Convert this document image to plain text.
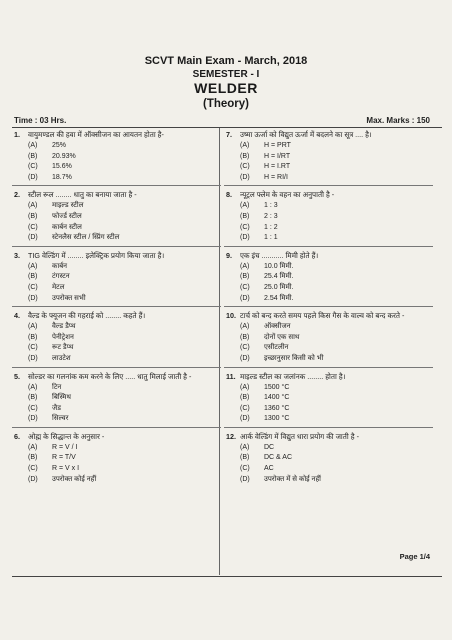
SCVT Main Exam - March, 2018
SEMESTER - I
WELDER
(Theory)
Time : 03 Hrs.	Max. Marks : 150
1.	वायुमण्डल की हवा में ऑक्सीजन का आयतन होता है-
(A)	25%
(B)	20.93%
(C)	15.6%
(D)	18.7%
2.	स्टील रूल ........ धातु का बनाया जाता है -
(A)	माइल्ड स्टील
(B)	फोर्ज्ड स्टील
(C)	कार्बन स्टील
(D)	स्टेनलैस स्टील / स्प्रिंग स्टील
3.	TIG वेल्डिंग में ........ इलेक्ट्रिक प्रयोग किया जाता है।
(A)	कार्बन
(B)	टंगस्टन
(C)	मेटल
(D)	उपरोक्त सभी
4.	वैल्ड के फ्यूजन की गहराई को ........ कहते हैं।
(A)	वैल्ड डैप्थ
(B)	पेनीट्रेशन
(C)	रूट डैप्थ
(D)	लाउटेश
5.	सोल्डर का गलनांक कम करने के लिए ..... धातु मिलाई जाती है -
(A)	टिन
(B)	बिस्मिथ
(C)	जैड
(D)	सिल्वर
6.	ओह्म के सिद्धान्त के अनुसार -
(A)	R = V / I
(B)	R = T/V
(C)	R = V x I
(D)	उपरोक्त कोई नहीं
7.	उष्मा ऊर्जा को विद्युत ऊर्जा में बदलने का सूत्र .... है।
(A)	H = PRT
(B)	H = I/RT
(C)	H = I.RT
(D)	H = RI/I
8.	न्यूट्रल फ्लेम के वहन का अनुपाती है -
(A)	1 : 3
(B)	2 : 3
(C)	1 : 2
(D)	1 : 1
9.	एक इंच ........... मिमी होते हैं।
(A)	10.0 मिमी.
(B)	25.4 मिमी.
(C)	25.0 मिमी.
(D)	2.54 मिमी.
10. टार्च को बन्द करते समय पहले किस गैस के वाल्व को बन्द करते -
(A)	ऑक्सीजन
(B)	दोनों एक साथ
(C)	एसीटलीन
(D)	इच्छानुसार किसी को भी
11. माइल्ड स्टील का जलांनक ........ होता है।
(A)	1500 °C
(B)	1400 °C
(C)	1360 °C
(D)	1300 °C
12. आर्क वेल्डिंग में विद्युत धारा प्रयोग की जाती है -
(A)	DC
(B)	DC & AC
(C)	AC
(D)	उपरोक्त में से कोई नहीं
Page 1/4
